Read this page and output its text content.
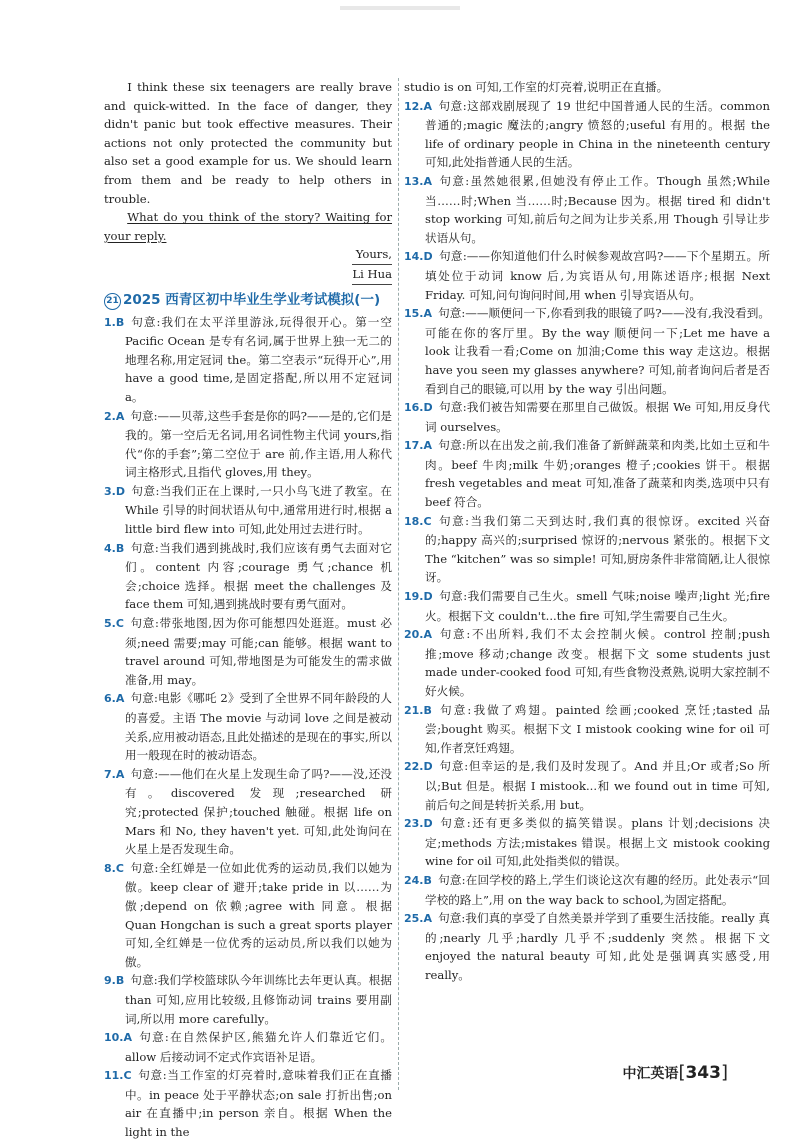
I think these six teenagers are really brave and quick-witted. In the face of danger, they didn't panic but took effective measures. Their actions not only protected the community but also set a good example for us. We should learn from them and be ready to help others in trouble.

What do you think of the story? Waiting for your reply.

Yours,

Li Hua

21 2025 西青区初中毕业生学业考试模拟(一)

1.B 句意:我们在太平洋里游泳,玩得很开心。第一空 Pacific Ocean 是专有名词,属于世界上独一无二的地理名称,用定冠词 the。第二空表示“玩得开心”,用 have a good time,是固定搭配,所以用不定冠词 a。

2.A 句意:——贝蒂,这些手套是你的吗?——是的,它们是我的。第一空后无名词,用名词性物主代词 yours,指代“你的手套”;第二空位于 are 前,作主语,用人称代词主格形式,且指代 gloves,用 they。

3.D 句意:当我们正在上课时,一只小鸟飞进了教室。在 While 引导的时间状语从句中,通常用进行时,根据 a little bird flew into 可知,此处用过去进行时。

4.B 句意:当我们遇到挑战时,我们应该有勇气去面对它们。content 内容;courage 勇气;chance 机会;choice 选择。根据 meet the challenges 及 face them 可知,遇到挑战时要有勇气面对。

5.C 句意:带张地图,因为你可能想四处逛逛。must 必须;need 需要;may 可能;can 能够。根据 want to travel around 可知,带地图是为可能发生的需求做准备,用 may。

6.A 句意:电影《哪吒 2》受到了全世界不同年龄段的人的喜爱。主语 The movie 与动词 love 之间是被动关系,应用被动语态,且此处描述的是现在的事实,所以用一般现在时的被动语态。

7.A 句意:——他们在火星上发现生命了吗?——没,还没有。discovered 发现;researched 研究;protected 保护;touched 触碰。根据 life on Mars 和 No, they haven't yet. 可知,此处询问在火星上是否发现生命。

8.C 句意:全红婵是一位如此优秀的运动员,我们以她为傲。keep clear of 避开;take pride in 以……为傲;depend on 依赖;agree with 同意。根据 Quan Hongchan is such a great sports player 可知,全红婵是一位优秀的运动员,所以我们以她为傲。

9.B 句意:我们学校篮球队今年训练比去年更认真。根据 than 可知,应用比较级,且修饰动词 trains 要用副词,所以用 more carefully。

10.A 句意:在自然保护区,熊猫允许人们靠近它们。allow 后接动词不定式作宾语补足语。

11.C 句意:当工作室的灯亮着时,意味着我们正在直播中。in peace 处于平静状态;on sale 打折出售;on air 在直播中;in person 亲自。根据 When the light in the

studio is on 可知,工作室的灯亮着,说明正在直播。

12.A 句意:这部戏剧展现了 19 世纪中国普通人民的生活。common 普通的;magic 魔法的;angry 愤怒的;useful 有用的。根据 the life of ordinary people in China in the nineteenth century 可知,此处指普通人民的生活。

13.A 句意:虽然她很累,但她没有停止工作。Though 虽然;While 当……时;When 当……时;Because 因为。根据 tired 和 didn't stop working 可知,前后句之间为让步关系,用 Though 引导让步状语从句。

14.D 句意:——你知道他们什么时候参观故宫吗?——下个星期五。所填处位于动词 know 后,为宾语从句,用陈述语序;根据 Next Friday. 可知,问句询问时间,用 when 引导宾语从句。

15.A 句意:——顺便问一下,你看到我的眼镜了吗?——没有,我没看到。可能在你的客厅里。By the way 顺便问一下;Let me have a look 让我看一看;Come on 加油;Come this way 走这边。根据 have you seen my glasses anywhere? 可知,前者询问后者是否看到自己的眼镜,可以用 by the way 引出问题。

16.D 句意:我们被告知需要在那里自己做饭。根据 We 可知,用反身代词 ourselves。

17.A 句意:所以在出发之前,我们准备了新鲜蔬菜和肉类,比如土豆和牛肉。beef 牛肉;milk 牛奶;oranges 橙子;cookies 饼干。根据 fresh vegetables and meat 可知,准备了蔬菜和肉类,选项中只有 beef 符合。

18.C 句意:当我们第二天到达时,我们真的很惊讶。excited 兴奋的;happy 高兴的;surprised 惊讶的;nervous 紧张的。根据下文 The “kitchen” was so simple! 可知,厨房条件非常简陋,让人很惊讶。

19.D 句意:我们需要自己生火。smell 气味;noise 噪声;light 光;fire 火。根据下文 couldn't...the fire 可知,学生需要自己生火。

20.A 句意:不出所料,我们不太会控制火候。control 控制;push 推;move 移动;change 改变。根据下文 some students just made under-cooked food 可知,有些食物没煮熟,说明大家控制不好火候。

21.B 句意:我做了鸡翅。painted 绘画;cooked 烹饪;tasted 品尝;bought 购买。根据下文 I mistook cooking wine for oil 可知,作者烹饪鸡翅。

22.D 句意:但幸运的是,我们及时发现了。And 并且;Or 或者;So 所以;But 但是。根据 I mistook...和 we found out in time 可知,前后句之间是转折关系,用 but。

23.D 句意:还有更多类似的搞笑错误。plans 计划;decisions 决定;methods 方法;mistakes 错误。根据上文 mistook cooking wine for oil 可知,此处指类似的错误。

24.B 句意:在回学校的路上,学生们谈论这次有趣的经历。此处表示“回学校的路上”,用 on the way back to school,为固定搭配。

25.A 句意:我们真的享受了自然美景并学到了重要生活技能。really 真的;nearly 几乎;hardly 几乎不;suddenly 突然。根据下文 enjoyed the natural beauty 可知,此处是强调真实感受,用 really。

中汇英语[343]
